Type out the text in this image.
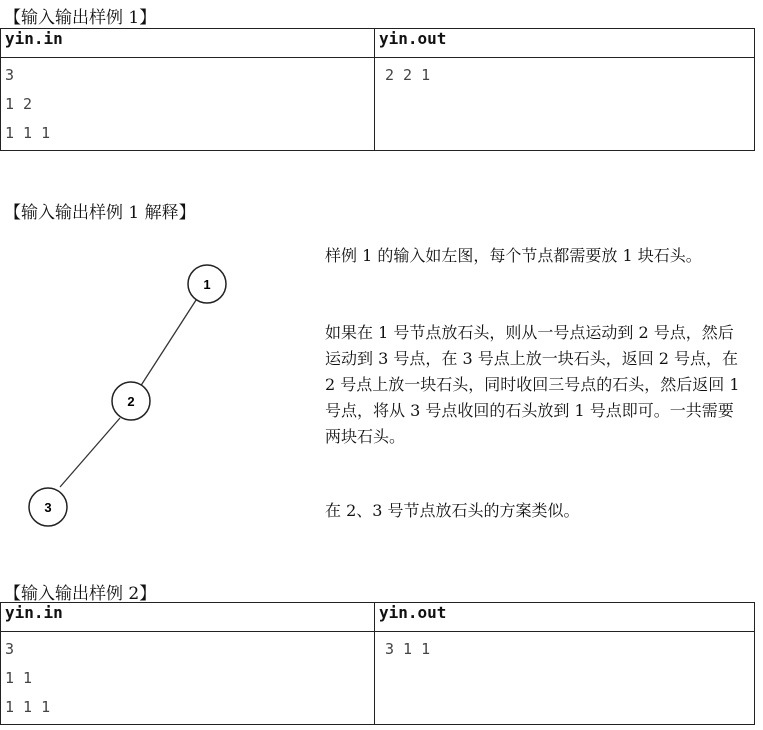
【输入输出样例 1】
yin.in	yin.out

3
1 2
1 1 1	2 2 1
【输入输出样例 1 解释】
1
2
3
样例 1 的输入如左图，每个节点都需要放 1 块石头。
如果在 1 号节点放石头，则从一号点运动到 2 号点，然后运动到 3 号点，在 3 号点上放一块石头，返回 2 号点，在 2 号点上放一块石头，同时收回三号点的石头，然后返回 1 号点，将从 3 号点收回的石头放到 1 号点即可。一共需要两块石头。
在 2、3 号节点放石头的方案类似。
【输入输出样例 2】
yin.in	yin.out

3
1 1
1 1 1	3 1 1
